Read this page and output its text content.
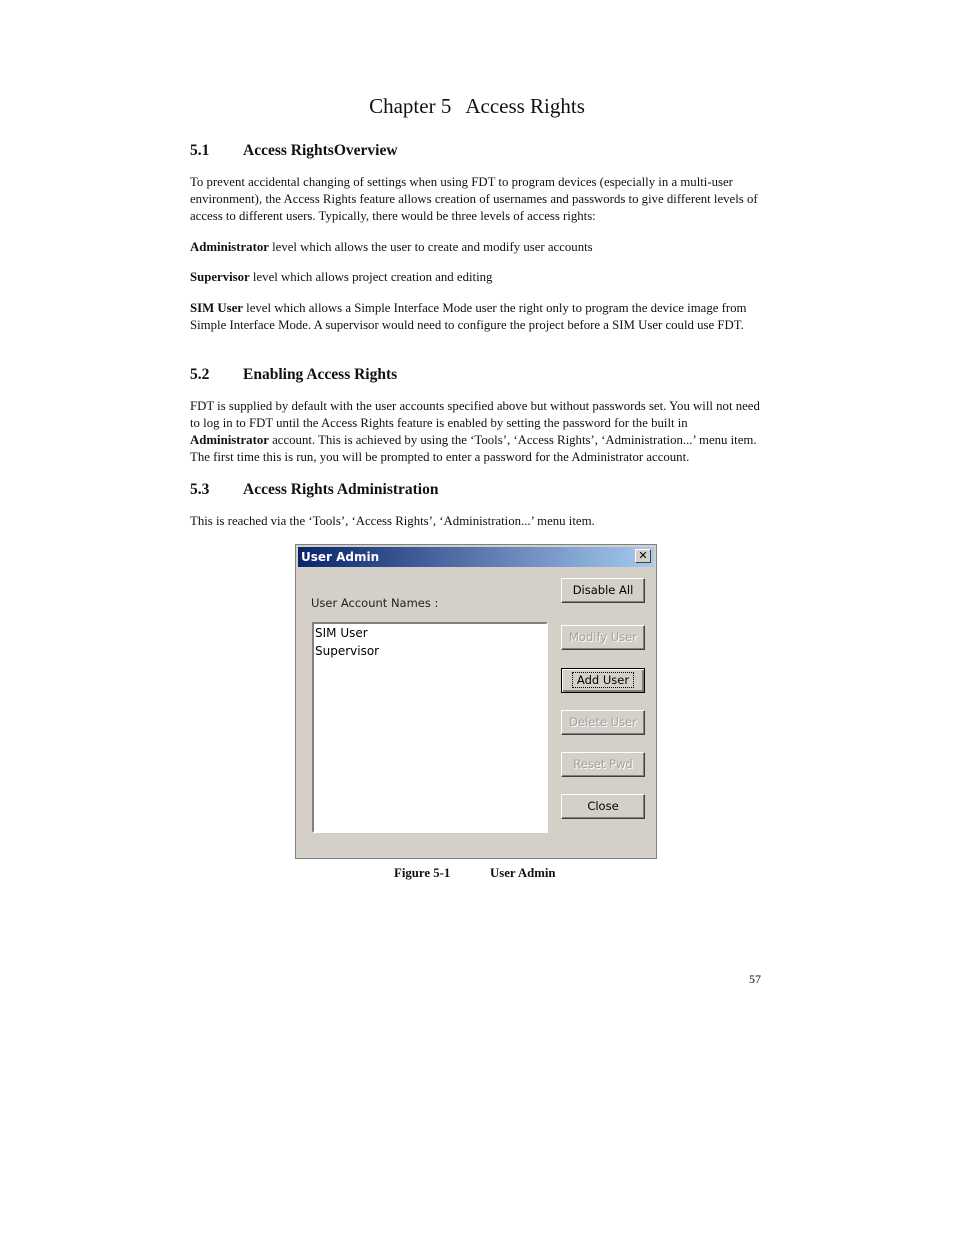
Chapter 5 Access Rights
5.1 Access RightsOverview
To prevent accidental changing of settings when using FDT to program devices (especially in a multi-user environment), the Access Rights feature allows creation of usernames and passwords to give different levels of access to different users. Typically, there would be three levels of access rights:
Administrator level which allows the user to create and modify user accounts
Supervisor level which allows project creation and editing
SIM User level which allows a Simple Interface Mode user the right only to program the device image from Simple Interface Mode. A supervisor would need to configure the project before a SIM User could use FDT.
5.2 Enabling Access Rights
FDT is supplied by default with the user accounts specified above but without passwords set. You will not need to log in to FDT until the Access Rights feature is enabled by setting the password for the built in Administrator account. This is achieved by using the ‘Tools’, ‘Access Rights’, ‘Administration...’ menu item. The first time this is run, you will be prompted to enter a password for the Administrator account.
5.3 Access Rights Administration
This is reached via the ‘Tools’, ‘Access Rights’, ‘Administration...’ menu item.
User Admin	✕
User Account Names :
SIM User
Supervisor
Disable All
Modify User
Add User
Delete User
Reset Pwd
Close
Figure 5-1	User Admin
57
